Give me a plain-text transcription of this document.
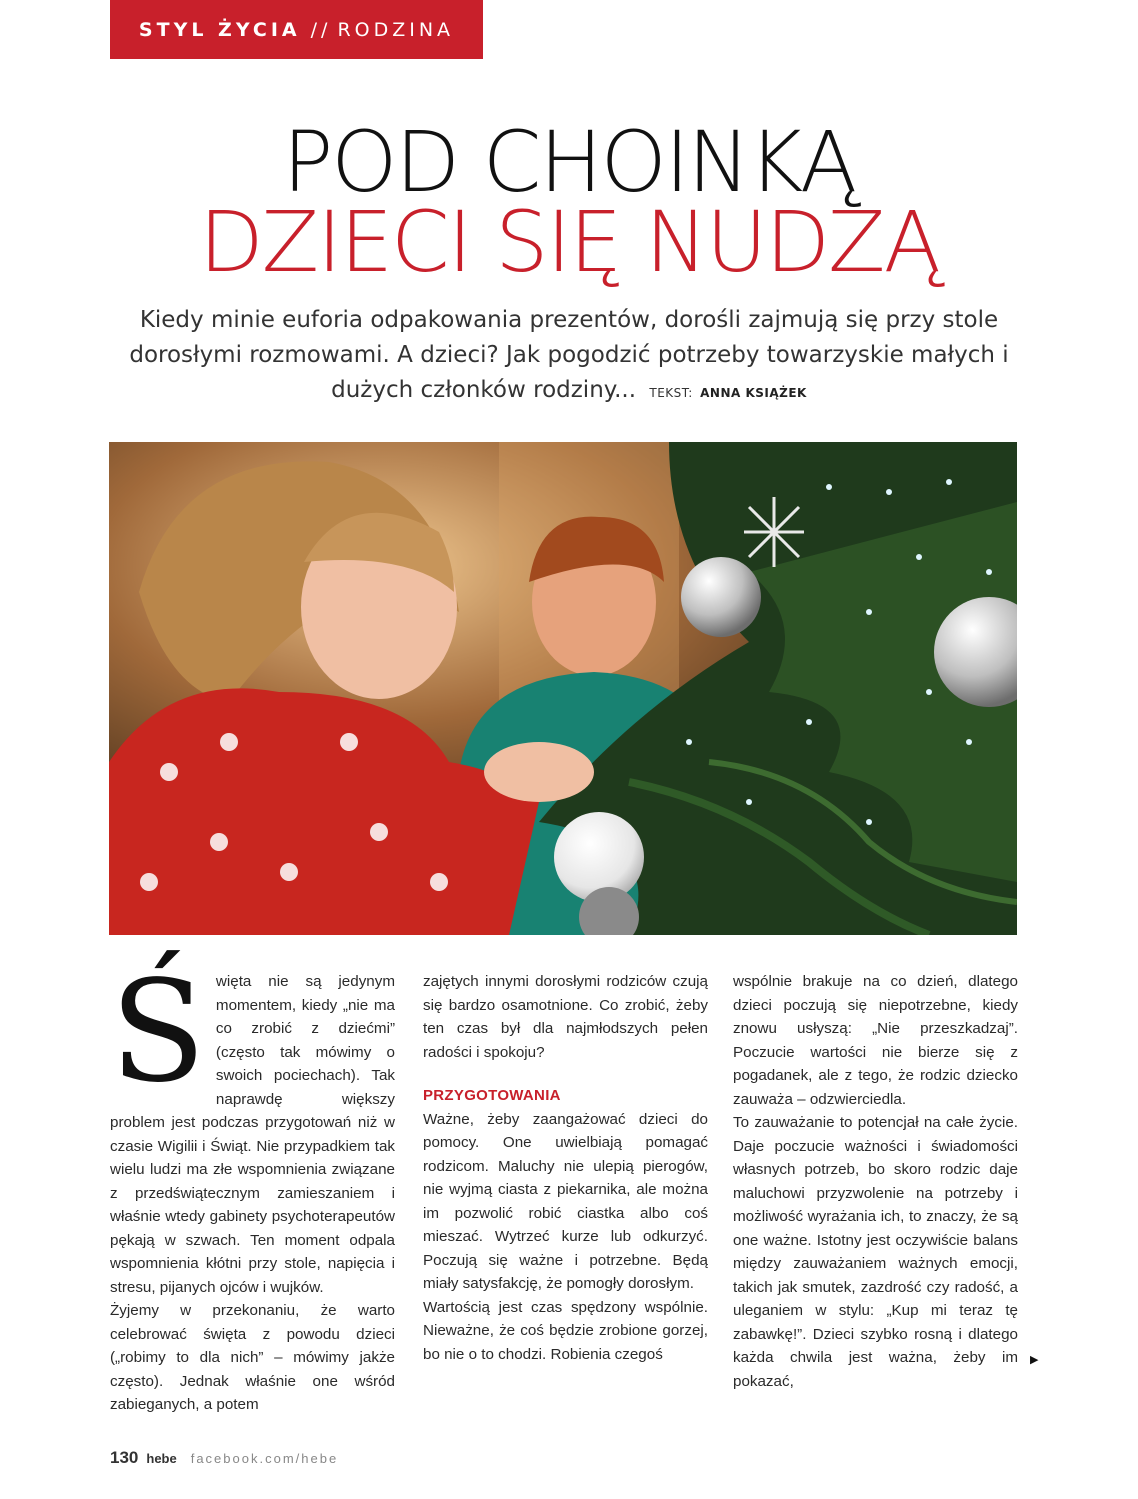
STYL ŻYCIA // RODZINA
POD CHOINKĄ
DZIECI SIĘ NUDZĄ
Kiedy minie euforia odpakowania prezentów, dorośli zajmują się przy stole dorosłymi rozmowami. A dzieci? Jak pogodzić potrzeby towarzyskie małych i dużych członków rodziny... TEKST: ANNA KSIĄŻEK
Ś więta nie są jedynym momentem, kiedy „nie ma co zrobić z dziećmi” (często tak mówimy o swoich pociechach). Tak naprawdę większy problem jest podczas przygotowań niż w czasie Wigilii i Świąt. Nie przypadkiem tak wielu ludzi ma złe wspomnienia związane z przedświątecznym zamieszaniem i właśnie wtedy gabinety psychoterapeutów pękają w szwach. Ten moment odpala wspomnienia kłótni przy stole, napięcia i stresu, pijanych ojców i wujków.

Żyjemy w przekonaniu, że warto celebrować święta z powodu dzieci („robimy to dla nich” – mówimy jakże często). Jednak właśnie one wśród zabieganych, a potem

zajętych innymi dorosłymi rodziców czują się bardzo osamotnione. Co zrobić, żeby ten czas był dla najmłodszych pełen radości i spokoju?

PRZYGOTOWANIA

Ważne, żeby zaangażować dzieci do pomocy. One uwielbiają pomagać rodzicom. Maluchy nie ulepią pierogów, nie wyjmą ciasta z piekarnika, ale można im pozwolić robić ciastka albo coś mieszać. Wytrzeć kurze lub odkurzyć. Poczują się ważne i potrzebne. Będą miały satysfakcję, że pomogły dorosłym.

Wartością jest czas spędzony wspólnie. Nieważne, że coś będzie zrobione gorzej, bo nie o to chodzi. Robienia czegoś

wspólnie brakuje na co dzień, dlatego dzieci poczują się niepotrzebne, kiedy znowu usłyszą: „Nie przeszkadzaj”. Poczucie wartości nie bierze się z pogadanek, ale z tego, że rodzic dziecko zauważa – odzwierciedla.

To zauważanie to potencjał na całe życie. Daje poczucie ważności i świadomości własnych potrzeb, bo skoro rodzic daje maluchowi przyzwolenie na potrzeby i możliwość wyrażania ich, to znaczy, że są one ważne. Istotny jest oczywiście balans między zauważaniem ważnych emocji, takich jak smutek, zazdrość czy radość, a uleganiem w stylu: „Kup mi teraz tę zabawkę!”. Dzieci szybko rosną i dlatego każda chwila jest ważna, żeby im pokazać,

▶
130 hebe facebook.com/hebe
